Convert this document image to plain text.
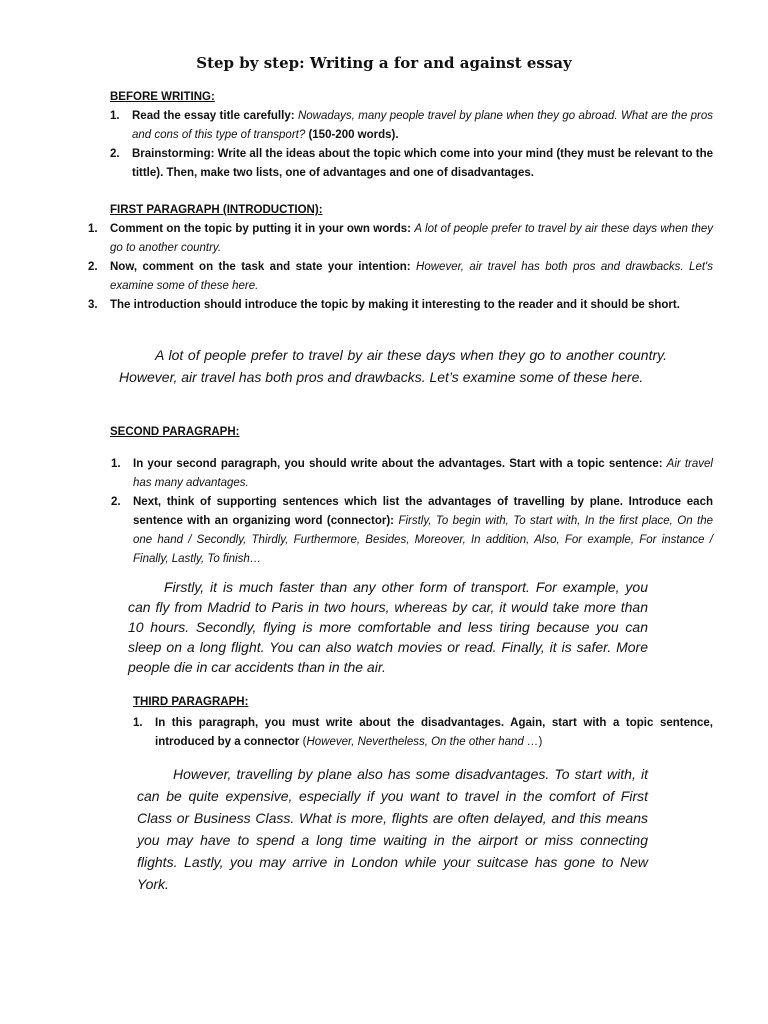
Step by step: Writing a for and against essay
BEFORE WRITING:
1. Read the essay title carefully: Nowadays, many people travel by plane when they go abroad. What are the pros and cons of this type of transport? (150-200 words).
2. Brainstorming: Write all the ideas about the topic which come into your mind (they must be relevant to the tittle). Then, make two lists, one of advantages and one of disadvantages.
FIRST PARAGRAPH (INTRODUCTION):
1. Comment on the topic by putting it in your own words: A lot of people prefer to travel by air these days when they go to another country.
2. Now, comment on the task and state your intention: However, air travel has both pros and drawbacks. Let's examine some of these here.
3. The introduction should introduce the topic by making it interesting to the reader and it should be short.

A lot of people prefer to travel by air these days when they go to another country. However, air travel has both pros and drawbacks. Let’s examine some of these here.

SECOND PARAGRAPH:
1. In your second paragraph, you should write about the advantages. Start with a topic sentence: Air travel has many advantages.
2. Next, think of supporting sentences which list the advantages of travelling by plane. Introduce each sentence with an organizing word (connector): Firstly, To begin with, To start with, In the first place, On the one hand / Secondly, Thirdly, Furthermore, Besides, Moreover, In addition, Also, For example, For instance / Finally, Lastly, To finish…

Firstly, it is much faster than any other form of transport. For example, you can fly from Madrid to Paris in two hours, whereas by car, it would take more than 10 hours. Secondly, flying is more comfortable and less tiring because you can sleep on a long flight. You can also watch movies or read. Finally, it is safer. More people die in car accidents than in the air.

THIRD PARAGRAPH:
1. In this paragraph, you must write about the disadvantages. Again, start with a topic sentence, introduced by a connector (However, Nevertheless, On the other hand …)

However, travelling by plane also has some disadvantages. To start with, it can be quite expensive, especially if you want to travel in the comfort of First Class or Business Class. What is more, flights are often delayed, and this means you may have to spend a long time waiting in the airport or miss connecting flights. Lastly, you may arrive in London while your suitcase has gone to New York.
